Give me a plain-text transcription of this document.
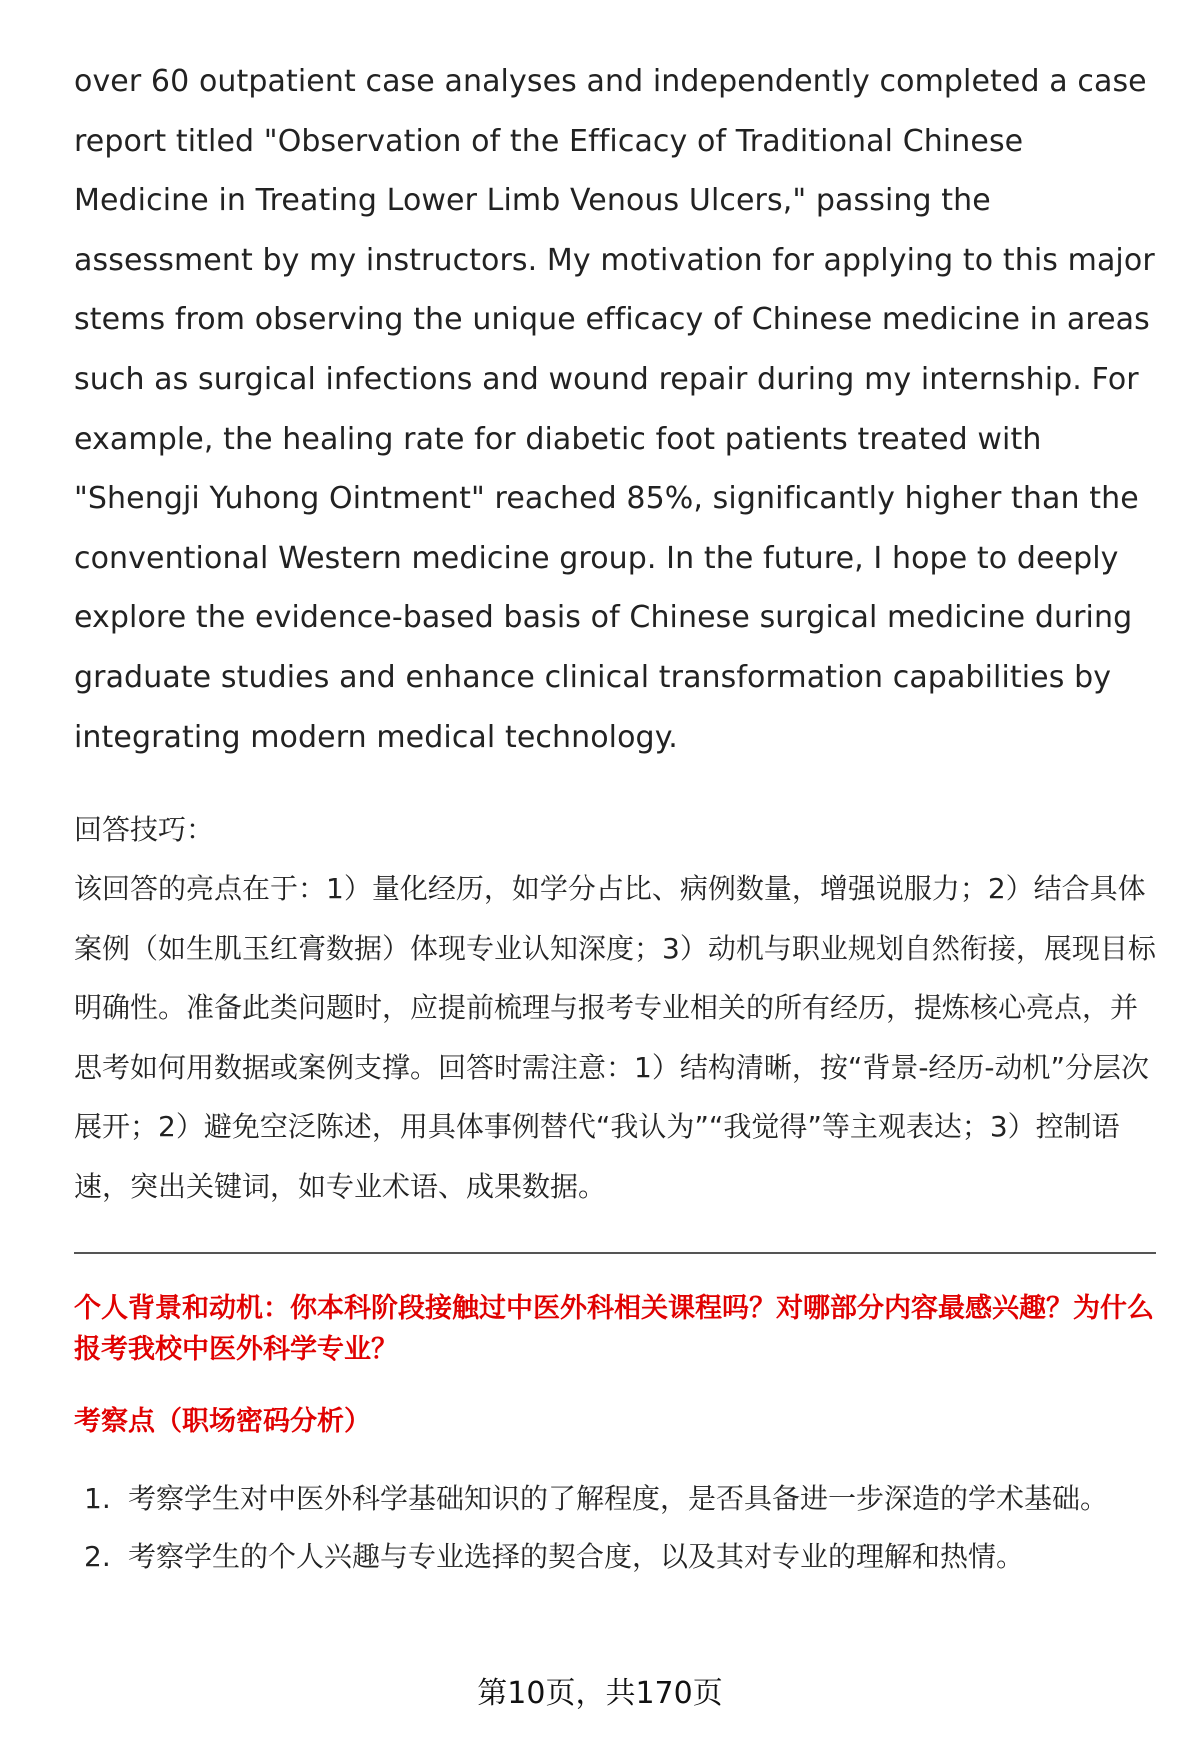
over 60 outpatient case analyses and independently completed a case report titled "Observation of the Efficacy of Traditional Chinese Medicine in Treating Lower Limb Venous Ulcers," passing the assessment by my instructors. My motivation for applying to this major stems from observing the unique efficacy of Chinese medicine in areas such as surgical infections and wound repair during my internship. For example, the healing rate for diabetic foot patients treated with "Shengji Yuhong Ointment" reached 85%, significantly higher than the conventional Western medicine group. In the future, I hope to deeply explore the evidence-based basis of Chinese surgical medicine during graduate studies and enhance clinical transformation capabilities by integrating modern medical technology.

回答技巧：

该回答的亮点在于：1）量化经历，如学分占比、病例数量，增强说服力；2）结合具体案例（如生肌玉红膏数据）体现专业认知深度；3）动机与职业规划自然衔接，展现目标明确性。准备此类问题时，应提前梳理与报考专业相关的所有经历，提炼核心亮点，并思考如何用数据或案例支撑。回答时需注意：1）结构清晰，按“背景-经历-动机”分层次展开；2）避免空泛陈述，用具体事例替代“我认为”“我觉得”等主观表达；3）控制语速，突出关键词，如专业术语、成果数据。

个人背景和动机：你本科阶段接触过中医外科相关课程吗？对哪部分内容最感兴趣？为什么报考我校中医外科学专业？

考察点（职场密码分析）

1. 考察学生对中医外科学基础知识的了解程度，是否具备进一步深造的学术基础。
2. 考察学生的个人兴趣与专业选择的契合度，以及其对专业的理解和热情。
第10页，共170页
